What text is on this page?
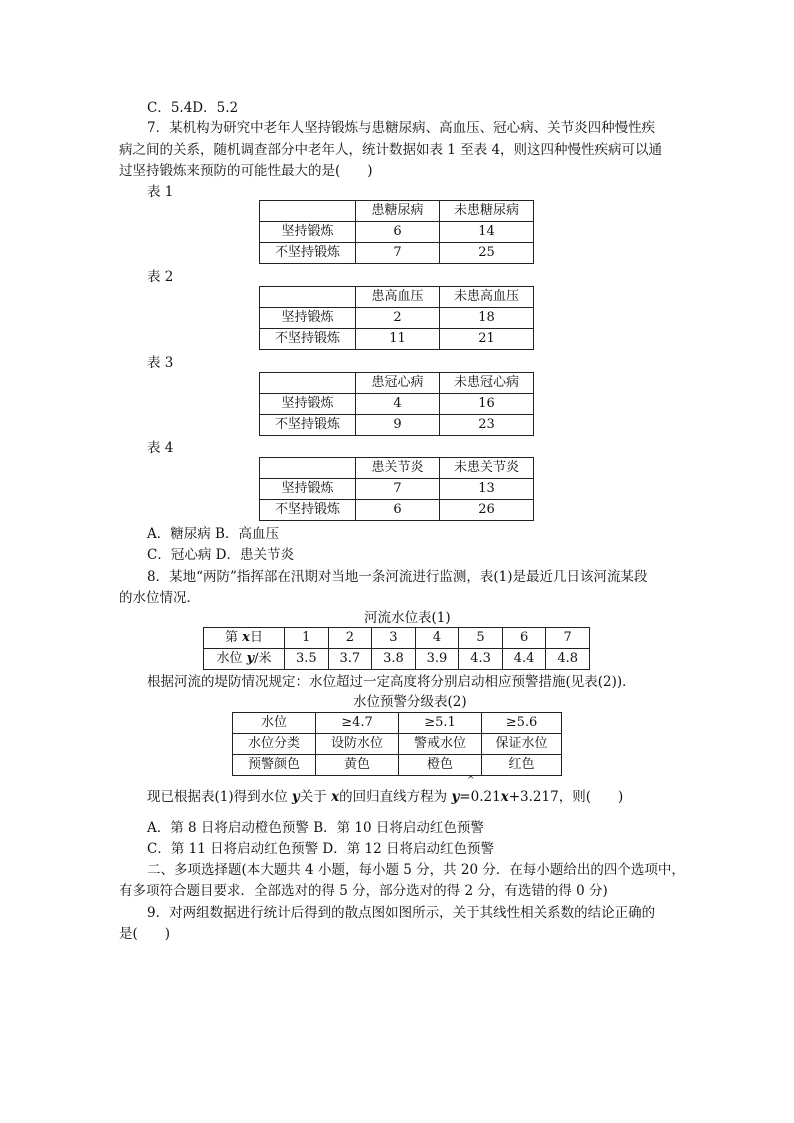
C．5.4D．5.2
7．某机构为研究中老年人坚持锻炼与患糖尿病、高血压、冠心病、关节炎四种慢性疾
病之间的关系，随机调查部分中老年人，统计数据如表 1 至表 4，则这四种慢性疾病可以通
过坚持锻炼来预防的可能性最大的是(　　)
表 1
	患糖尿病	未患糖尿病
坚持锻炼	6	14
不坚持锻炼	7	25
表 2
	患高血压	未患高血压
坚持锻炼	2	18
不坚持锻炼	11	21
表 3
	患冠心病	未患冠心病
坚持锻炼	4	16
不坚持锻炼	9	23
表 4
	患关节炎	未患关节炎
坚持锻炼	7	13
不坚持锻炼	6	26
A．糖尿病 B．高血压
C．冠心病 D．患关节炎
8．某地“两防”指挥部在汛期对当地一条河流进行监测，表(1)是最近几日该河流某段
的水位情况．
河流水位表(1)
第 x日	1	2	3	4	5	6	7
水位 y/米	3.5	3.7	3.8	3.9	4.3	4.4	4.8
根据河流的堤防情况规定：水位超过一定高度将分别启动相应预警措施(见表(2))．
水位预警分级表(2)
水位	≥4.7	≥5.1	≥5.6
水位分类	设防水位	警戒水位	保证水位
预警颜色	黄色	橙色	红色
^
现已根据表(1)得到水位 y关于 x的回归直线方程为 y=0.21x+3.217，则(　　)
A．第 8 日将启动橙色预警 B．第 10 日将启动红色预警
C．第 11 日将启动红色预警 D．第 12 日将启动红色预警
二、多项选择题(本大题共 4 小题，每小题 5 分，共 20 分．在每小题给出的四个选项中，
有多项符合题目要求．全部选对的得 5 分，部分选对的得 2 分，有选错的得 0 分)
9．对两组数据进行统计后得到的散点图如图所示，关于其线性相关系数的结论正确的
是(　　)
